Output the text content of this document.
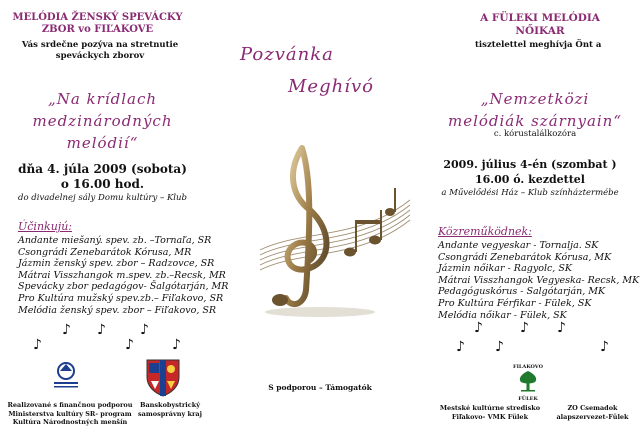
MELÓDIA ŽENSKÝ SPEVÁCKY
ZBOR vo FIĽAKOVE
Vás srdečne pozýva na stretnutie
speváckych zborov
„Na krídlach
medzinárodných melódií“
dňa 4. júla 2009 (sobota)
o 16.00 hod.
do divadelnej sály Domu kultúry – Klub
Účinkujú:
Andante miešaný. spev. zb. –Tornaľa, SR
Csongrádi Zenebarátok Kórusa, MR
Jázmin ženský spev. zbor – Radzovce, SR
Mátrai Visszhangok m.spev. zb.–Recsk, MR
Spevácky zbor pedagógov- Šalgótarján, MR
Pro Kultúra mužský spev.zb.– Fiľakovo, SR
Melódia ženský spev. zbor – Fiľakovo, SR
♪ ♪ ♪
♪	♪	♪
Realizované s finančnou podporou
Ministerstva kultúry SR- program
Kultúra Národnostných menšín
Banskobystrický
samosprávny kraj
Pozvánka
Meghívó
S podporou – Támogatók
A FÜLEKI MELÓDIA
NŐIKAR
tisztelettel meghívja Önt a
„Nemzetközi
melódiák szárnyain“
c. kórustalálkozóra
2009. július 4-én (szombat )
16.00 ó. kezdettel
a Művelődési Ház – Klub színháztermébe
Közreműködnek:
Andante vegyeskar - Tornalja. SK
Csongrádi Zenebarátok Kórusa, MK
Jázmin nőikar - Ragyolc, SK
Mátrai Visszhangok Vegyeska- Recsk, MK
Pedagóguskórus - Salgótarján, MK
Pro Kultúra Férfikar - Fülek, SK
Melódia nőikar - Fülek, SK
♪	♪ ♪
♪ ♪	♪
FILAKOVO
FÜLEK
Mestské kultúrne stredisko
Fiľakovo- VMK Fülek
ZO Csemadok
alapszervezet-Fülek
